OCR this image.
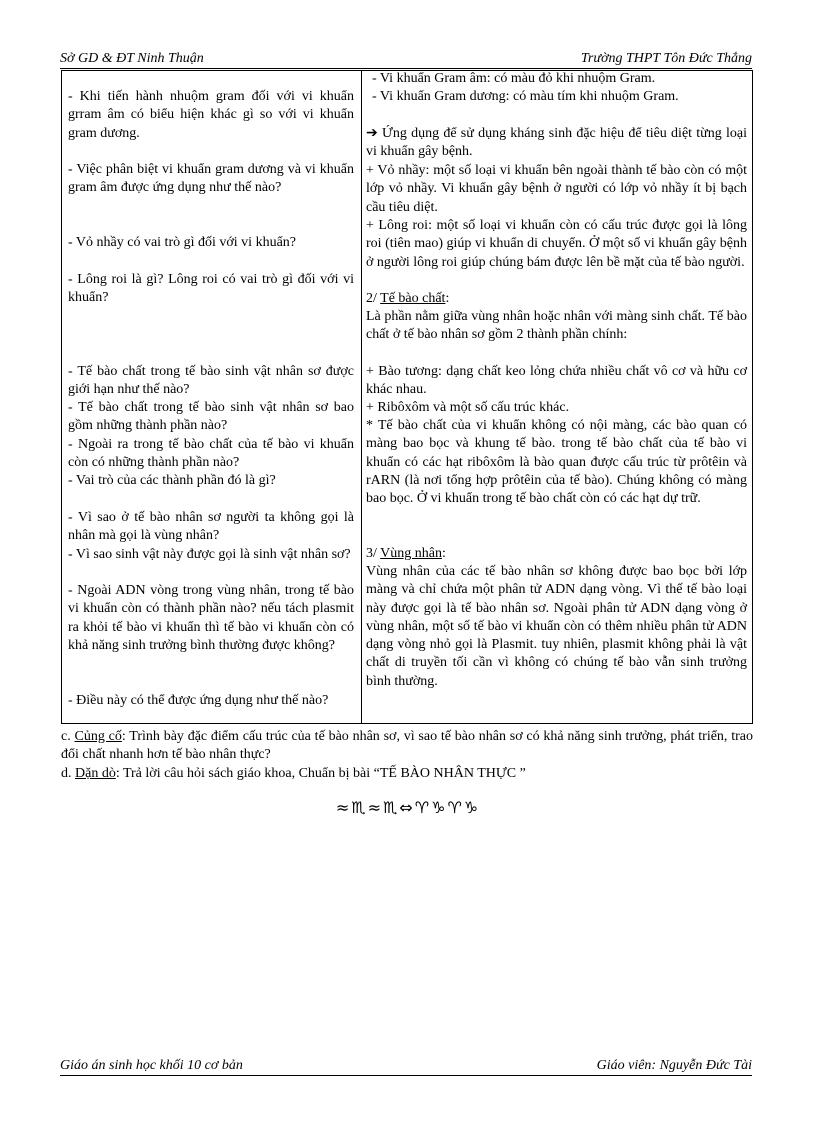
Sở GD & ĐT Ninh Thuận	Trường THPT Tôn Đức Thắng
- Khi tiến hành nhuộm gram đối với vi khuẩn grram âm có biểu hiện khác gì so với vi khuẩn gram dương.
- Việc phân biệt vi khuẩn gram dương và vi khuẩn gram âm được ứng dụng như thế nào?
- Vỏ nhầy có vai trò gì đối với vi khuẩn?
- Lông roi là gì? Lông roi có vai trò gì đối với vi khuẩn?
- Tế bào chất trong tế bào sinh vật nhân sơ được giới hạn như thế nào?
- Tế bào chất trong tế bào sinh vật nhân sơ bao gồm những thành phần nào?
- Ngoài ra trong tế bào chất của tế bào vi khuẩn còn có những thành phần nào?
- Vai trò của các thành phần đó là gì?
- Vì sao ở tế bào nhân sơ người ta không gọi là nhân mà gọi là vùng nhân?
- Vì sao sinh vật này được gọi là sinh vật nhân sơ?
- Ngoài ADN vòng trong vùng nhân, trong tế bào vi khuẩn còn có thành phần nào? nếu tách plasmit ra khỏi tế bào vi khuẩn thì tế bào vi khuẩn còn có khả năng sinh trưởng bình thường được không?
- Điều này có thể được ứng dụng như thế nào?
- Vi khuẩn Gram âm: có màu đỏ khi nhuộm Gram.
- Vi khuẩn Gram dương: có màu tím khi nhuộm Gram.
➔ Ứng dụng để sử dụng kháng sinh đặc hiệu để tiêu diệt từng loại vi khuẩn gây bệnh.
+ Vỏ nhầy: một số loại vi khuẩn bên ngoài thành tế bào còn có một lớp vỏ nhầy. Vi khuẩn gây bệnh ở người có lớp vỏ nhầy ít bị bạch cầu tiêu diệt.
+ Lông roi: một số loại vi khuẩn còn có cấu trúc được gọi là lông roi (tiên mao) giúp vi khuẩn di chuyển. Ở một số vi khuẩn gây bệnh ở người lông roi giúp chúng bám được lên bề mặt của tế bào người.
2/ Tế bào chất:
Là phần nằm giữa vùng nhân hoặc nhân với màng sinh chất. Tế bào chất ở tế bào nhân sơ gồm 2 thành phần chính:
+ Bào tương: dạng chất keo lỏng chứa nhiều chất vô cơ và hữu cơ khác nhau.
+ Ribôxôm và một số cấu trúc khác.
* Tế bào chất của vi khuẩn không có nội màng, các bào quan có màng bao bọc và khung tế bào. trong tế bào chất của tế bào vi khuẩn có các hạt ribôxôm là bào quan được cấu trúc từ prôtêin và rARN (là nơi tổng hợp prôtêin của tế bào). Chúng không có màng bao bọc. Ở vi khuẩn trong tế bào chất còn có các hạt dự trữ.
3/ Vùng nhân:
Vùng nhân của các tế bào nhân sơ không được bao bọc bởi lớp màng và chỉ chứa một phân tử ADN dạng vòng. Vì thế tế bào loại này được gọi là tế bào nhân sơ. Ngoài phân tử ADN dạng vòng ở vùng nhân, một số tế bào vi khuẩn còn có thêm nhiều phân tử ADN dạng vòng nhỏ gọi là Plasmit. tuy nhiên, plasmit không phải là vật chất di truyền tối cần vì không có chúng tế bào vẫn sinh trưởng bình thường.
c. Củng cố: Trình bày đặc điểm cấu trúc của tế bào nhân sơ, vì sao tế bào nhân sơ có khả năng sinh trưởng, phát triển, trao đổi chất nhanh hơn tế bào nhân thực?
d. Dặn dò: Trả lời câu hỏi sách giáo khoa, Chuẩn bị bài “TẾ BÀO NHÂN THỰC ”
≈♏≈♏⇔♈♑♈♑
Giáo án sinh học khối 10 cơ bản	Giáo viên: Nguyễn Đức Tài
